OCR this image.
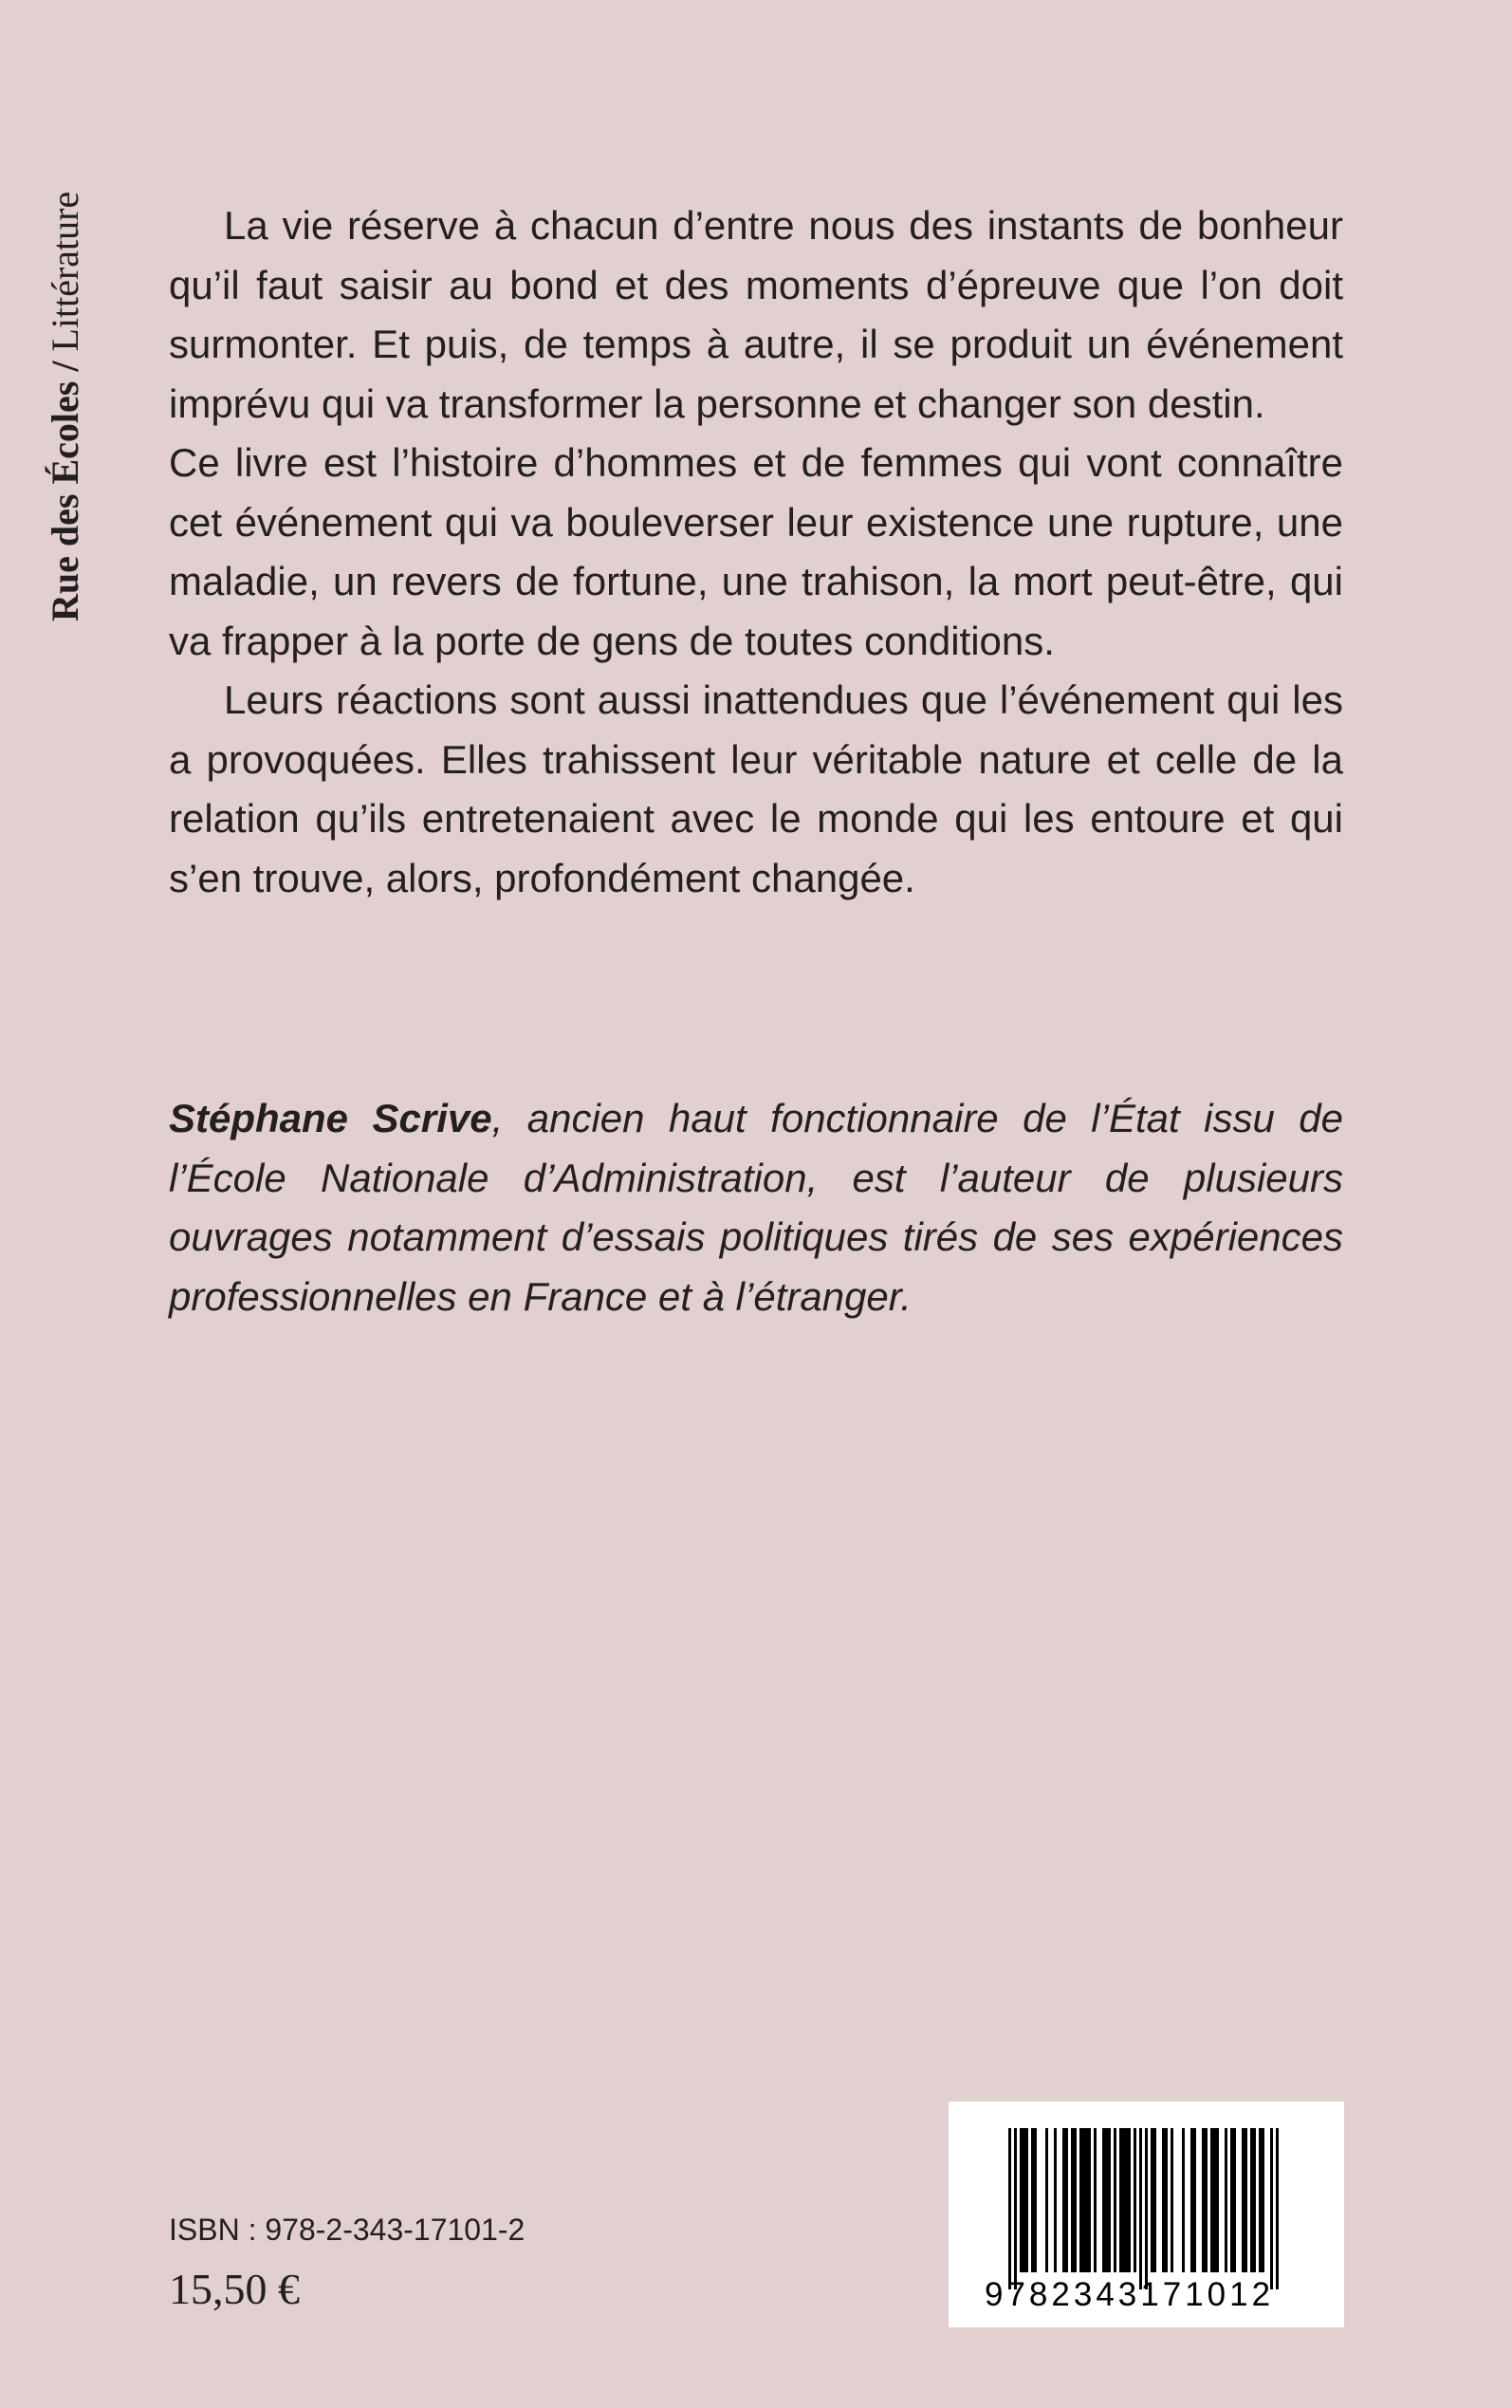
Rue des Écoles / Littérature	La vie réserve à chacun d’entre nous des instants de bonheur qu’il faut saisir au bond et des moments d’épreuve que l’on doit surmonter. Et puis, de temps à autre, il se produit un événement imprévu qui va transformer la personne et changer son destin.

Ce livre est l’histoire d’hommes et de femmes qui vont connaître cet événement qui va bouleverser leur existence une rupture, une maladie, un revers de fortune, une trahison, la mort peut-être, qui va frapper à la porte de gens de toutes conditions.

Leurs réactions sont aussi inattendues que l’événement qui les a provoquées. Elles trahissent leur véritable nature et celle de la relation qu’ils entretenaient avec le monde qui les entoure et qui s’en trouve, alors, profondément changée.

Stéphane Scrive, ancien haut fonctionnaire de l’État issu de l’École Nationale d’Administration, est l’auteur de plusieurs ouvrages notamment d’essais politiques tirés de ses expériences professionnelles en France et à l’étranger.

ISBN : 978-2-343-17101-2
15,50 €	9782343171012
